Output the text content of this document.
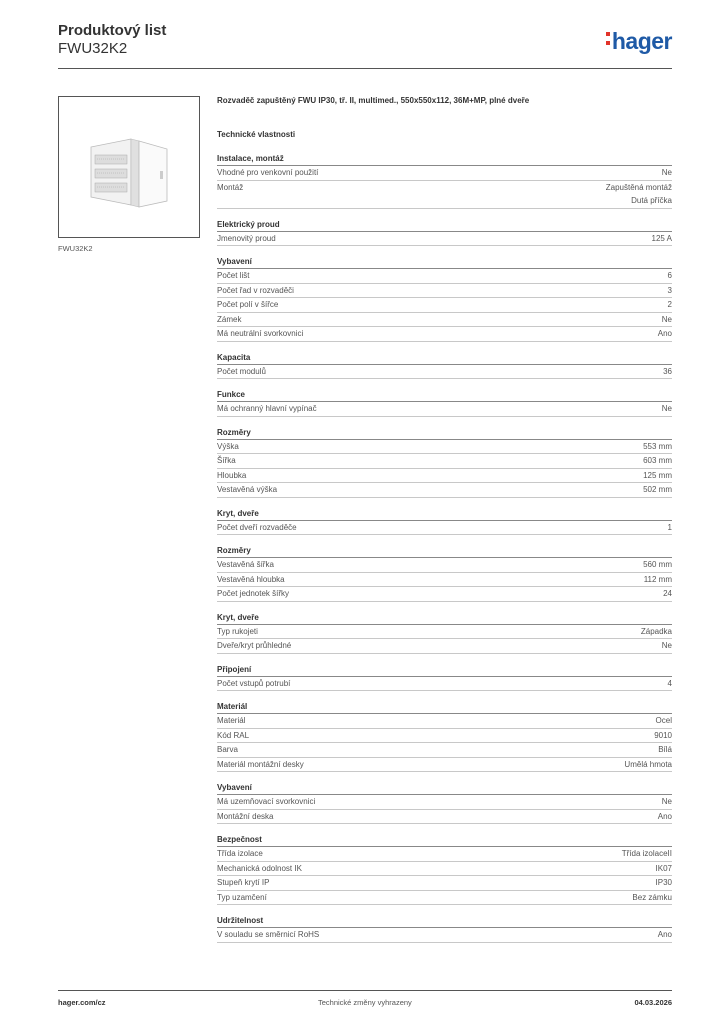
Produktový list
FWU32K2	hager
FWU32K2
Rozvaděč zapuštěný FWU IP30, tř. II, multimed., 550x550x112, 36M+MP, plné dveře
Technické vlastnosti
Instalace, montáž
Vhodné pro venkovní použití	Ne
Montáž	Zapuštěná montáž
Dutá příčka
Elektrický proud
Jmenovitý proud	125 A
Vybavení
Počet lišt	6
Počet řad v rozvaděči	3
Počet polí v šířce	2
Zámek	Ne
Má neutrální svorkovnici	Ano
Kapacita
Počet modulů	36
Funkce
Má ochranný hlavní vypínač	Ne
Rozměry
Výška	553 mm
Šířka	603 mm
Hloubka	125 mm
Vestavěná výška	502 mm
Kryt, dveře
Počet dveří rozvaděče	1
Rozměry
Vestavěná šířka	560 mm
Vestavěná hloubka	112 mm
Počet jednotek šířky	24
Kryt, dveře
Typ rukojeti	Západka
Dveře/kryt průhledné	Ne
Připojení
Počet vstupů potrubí	4
Materiál
Materiál	Ocel
Kód RAL	9010
Barva	Bílá
Materiál montážní desky	Umělá hmota
Vybavení
Má uzemňovací svorkovnici	Ne
Montážní deska	Ano
Bezpečnost
Třída izolace	Třída izolaceII
Mechanická odolnost IK	IK07
Stupeň krytí IP	IP30
Typ uzamčení	Bez zámku
Udržitelnost
V souladu se směrnicí RoHS	Ano
hager.com/cz	Technické změny vyhrazeny	04.03.2026
